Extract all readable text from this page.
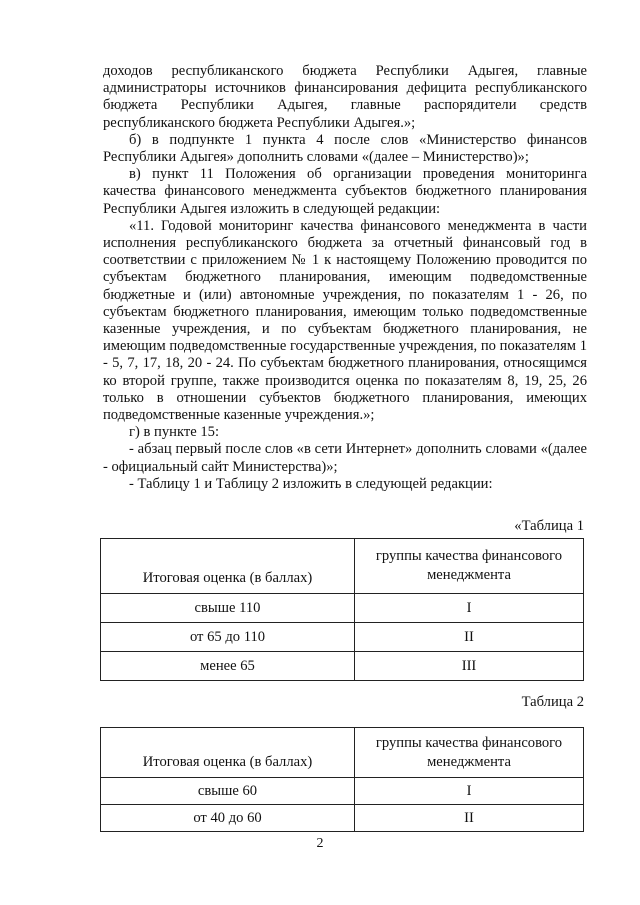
доходов республиканского бюджета Республики Адыгея, главные администраторы источников финансирования дефицита республиканского бюджета Республики Адыгея, главные распорядители средств республиканского бюджета Республики Адыгея.»;

б) в подпункте 1 пункта 4 после слов «Министерство финансов Республики Адыгея» дополнить словами «(далее – Министерство)»;

в) пункт 11 Положения об организации проведения мониторинга качества финансового менеджмента субъектов бюджетного планирования Республики Адыгея изложить в следующей редакции:

«11. Годовой мониторинг качества финансового менеджмента в части исполнения республиканского бюджета за отчетный финансовый год в соответствии с приложением № 1 к настоящему Положению проводится по субъектам бюджетного планирования, имеющим подведомственные бюджетные и (или) автономные учреждения, по показателям 1 - 26, по субъектам бюджетного планирования, имеющим только подведомственные казенные учреждения, и по субъектам бюджетного планирования, не имеющим подведомственные государственные учреждения, по показателям 1 - 5, 7, 17, 18, 20 - 24. По субъектам бюджетного планирования, относящимся ко второй группе, также производится оценка по показателям 8, 19, 25, 26 только в отношении субъектов бюджетного планирования, имеющих подведомственные казенные учреждения.»;

г) в пункте 15:

- абзац первый после слов «в сети Интернет» дополнить словами «(далее - официальный сайт Министерства)»;

- Таблицу 1 и Таблицу 2 изложить в следующей редакции:

«Таблица 1
Итоговая оценка (в баллах)	группы качества финансового менеджмента
свыше 110	I
от 65 до 110	II
менее 65	III
Таблица 2
Итоговая оценка (в баллах)	группы качества финансового менеджмента
свыше 60	I
от 40 до 60	II
2
